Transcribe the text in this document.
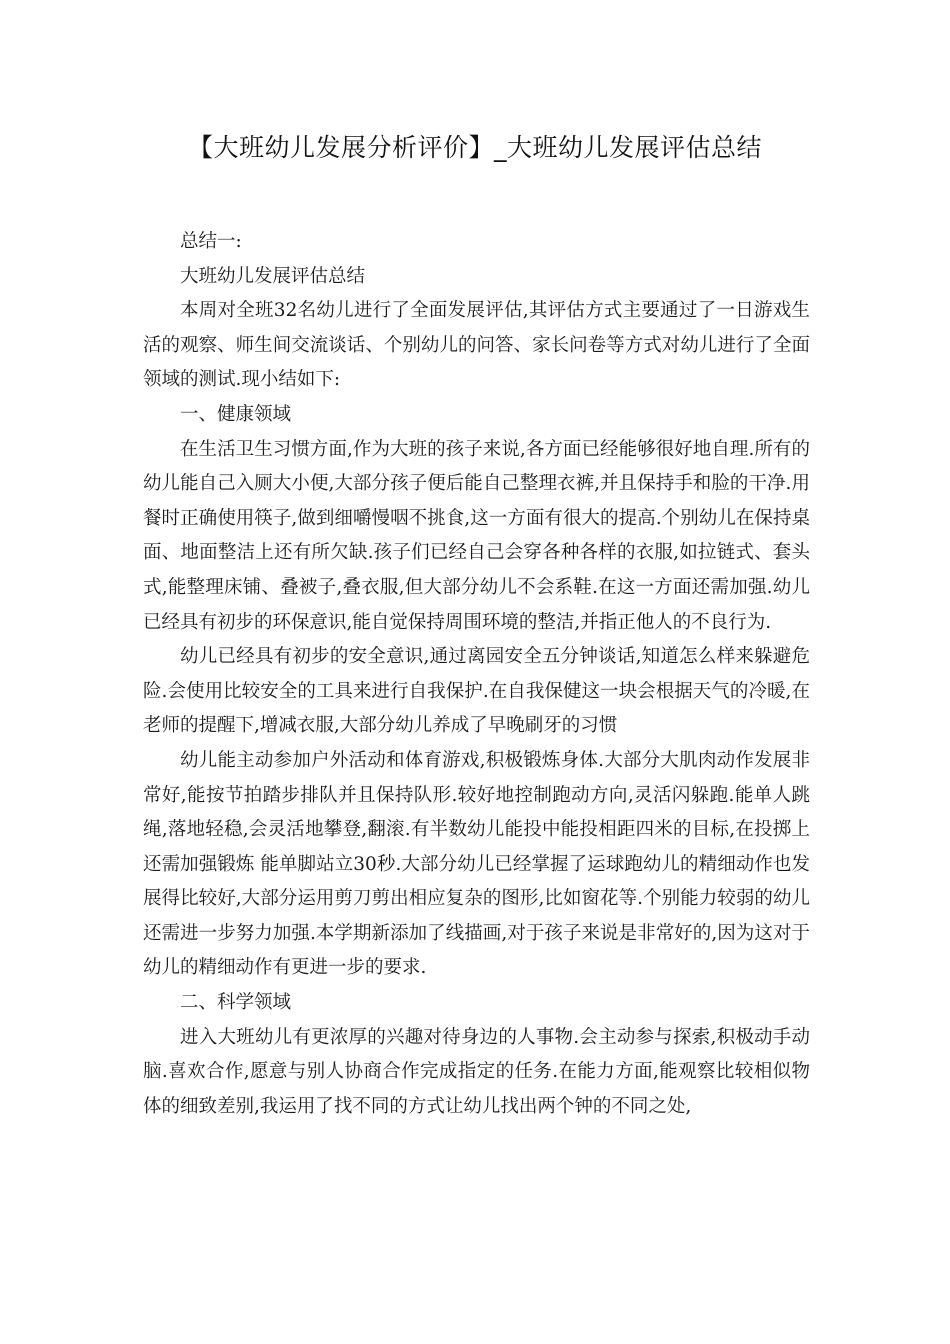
【大班幼儿发展分析评价】_大班幼儿发展评估总结

总结一:

大班幼儿发展评估总结

本周对全班32名幼儿进行了全面发展评估,其评估方式主要通过了一日游戏生活的观察、师生间交流谈话、个别幼儿的问答、家长问卷等方式对幼儿进行了全面领域的测试.现小结如下:

一、健康领域

在生活卫生习惯方面,作为大班的孩子来说,各方面已经能够很好地自理.所有的幼儿能自己入厕大小便,大部分孩子便后能自己整理衣裤,并且保持手和脸的干净.用餐时正确使用筷子,做到细嚼慢咽不挑食,这一方面有很大的提高.个别幼儿在保持桌面、地面整洁上还有所欠缺.孩子们已经自己会穿各种各样的衣服,如拉链式、套头式,能整理床铺、叠被子,叠衣服,但大部分幼儿不会系鞋.在这一方面还需加强.幼儿已经具有初步的环保意识,能自觉保持周围环境的整洁,并指正他人的不良行为.

幼儿已经具有初步的安全意识,通过离园安全五分钟谈话,知道怎么样来躲避危险.会使用比较安全的工具来进行自我保护.在自我保健这一块会根据天气的冷暖,在老师的提醒下,增减衣服,大部分幼儿养成了早晚刷牙的习惯

幼儿能主动参加户外活动和体育游戏,积极锻炼身体.大部分大肌肉动作发展非常好,能按节拍踏步排队并且保持队形.较好地控制跑动方向,灵活闪躲跑.能单人跳绳,落地轻稳,会灵活地攀登,翻滚.有半数幼儿能投中能投相距四米的目标,在投掷上还需加强锻炼 能单脚站立30秒.大部分幼儿已经掌握了运球跑幼儿的精细动作也发展得比较好,大部分运用剪刀剪出相应复杂的图形,比如窗花等.个别能力较弱的幼儿还需进一步努力加强.本学期新添加了线描画,对于孩子来说是非常好的,因为这对于幼儿的精细动作有更进一步的要求.

二、科学领域

进入大班幼儿有更浓厚的兴趣对待身边的人事物.会主动参与探索,积极动手动脑.喜欢合作,愿意与别人协商合作完成指定的任务.在能力方面,能观察比较相似物体的细致差别,我运用了找不同的方式让幼儿找出两个钟的不同之处,
